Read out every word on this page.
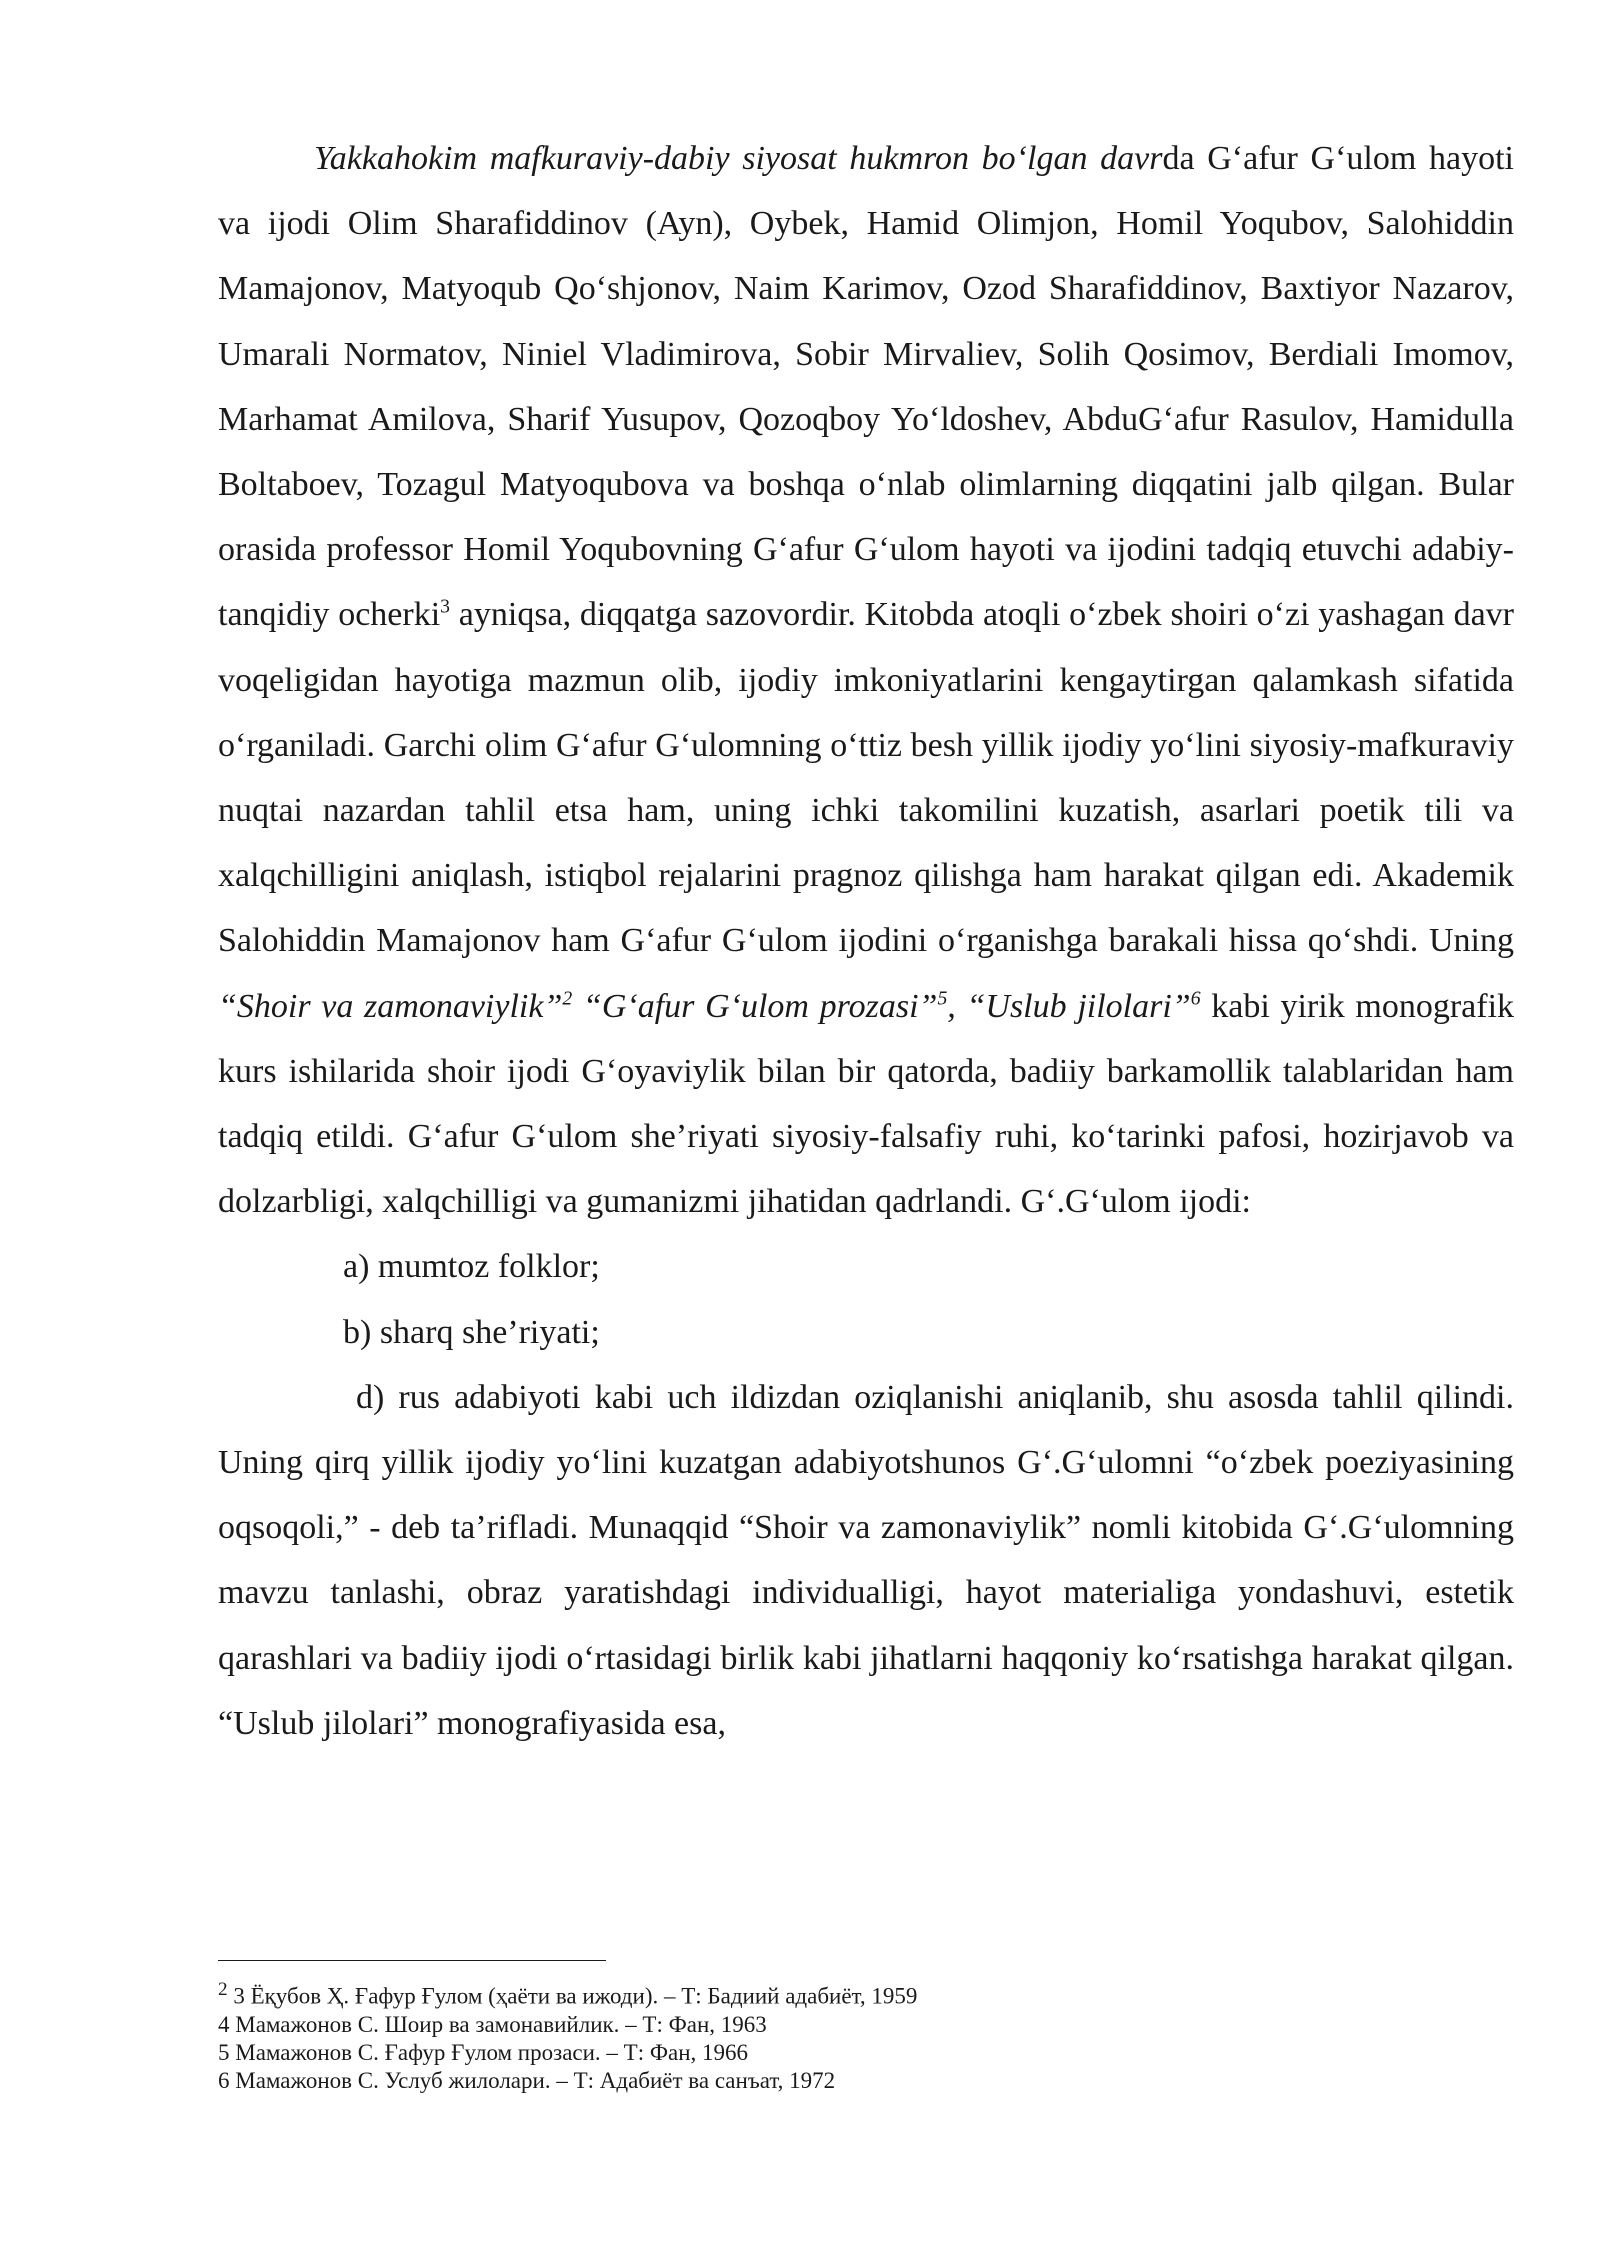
Yakkahokim mafkuraviy-dabiy siyosat hukmron bo‘lgan davrda G‘afur G‘ulom hayoti va ijodi Olim Sharafiddinov (Ayn), Oybek, Hamid Olimjon, Homil Yoqubov, Salohiddin Mamajonov, Matyoqub Qo‘shjonov, Naim Karimov, Ozod Sharafiddinov, Baxtiyor Nazarov, Umarali Normatov, Niniel Vladimirova, Sobir Mirvaliev, Solih Qosimov, Berdiali Imomov, Marhamat Amilova, Sharif Yusupov, Qozoqboy Yo‘ldoshev, AbduG‘afur Rasulov, Hamidulla Boltaboev, Tozagul Matyoqubova va boshqa o‘nlab olimlarning diqqatini jalb qilgan. Bular orasida professor Homil Yoqubovning G‘afur G‘ulom hayoti va ijodini tadqiq etuvchi adabiy-tanqidiy ocherki$^3$ ayniqsa, diqqatga sazovordir. Kitobda atoqli o‘zbek shoiri o‘zi yashagan davr voqeligidan hayotiga mazmun olib, ijodiy imkoniyatlarini kengaytirgan qalamkash sifatida o‘rganiladi. Garchi olim G‘afur G‘ulomning o‘ttiz besh yillik ijodiy yo‘lini siyosiy-mafkuraviy nuqtai nazardan tahlil etsa ham, uning ichki takomilini kuzatish, asarlari poetik tili va xalqchilligini aniqlash, istiqbol rejalarini pragnoz qilishga ham harakat qilgan edi. Akademik Salohiddin Mamajonov ham G‘afur G‘ulom ijodini o‘rganishga barakali hissa qo‘shdi. Uning “Shoir va zamonaviylik”$^2$ “G‘afur G‘ulom prozasi”$^5$, “Uslub jilolari”$^6$ kabi yirik monografik kurs ishilarida shoir ijodi G‘oyaviylik bilan bir qatorda, badiiy barkamollik talablaridan ham tadqiq etildi. G‘afur G‘ulom she’riyati siyosiy-falsafiy ruhi, ko‘tarinki pafosi, hozirjavob va dolzarbligi, xalqchilligi va gumanizmi jihatidan qadrlandi. G‘.G‘ulom ijodi:

a) mumtoz folklor;

b) sharq she’riyati;

d) rus adabiyoti kabi uch ildizdan oziqlanishi aniqlanib, shu asosda tahlil qilindi. Uning qirq yillik ijodiy yo‘lini kuzatgan adabiyotshunos G‘.G‘ulomni “o‘zbek poeziyasining oqsoqoli,” - deb ta’rifladi. Munaqqid “Shoir va zamonaviylik” nomli kitobida G‘.G‘ulomning mavzu tanlashi, obraz yaratishdagi individualligi, hayot materialiga yondashuvi, estetik qarashlari va badiiy ijodi o‘rtasidagi birlik kabi jihatlarni haqqoniy ko‘rsatishga harakat qilgan. “Uslub jilolari” monografiyasida esa,

$^2$ 3 Ёқубов Ҳ. Ғафур Ғулом (ҳаёти ва ижоди). – Т: Бадиий адабиёт, 1959

4 Мамажонов С. Шоир ва замонавийлик. – Т: Фан, 1963

5 Мамажонов С. Ғафур Ғулом прозаси. – Т: Фан, 1966

6 Мамажонов С. Услуб жилолари. – Т: Адабиёт ва санъат, 1972
